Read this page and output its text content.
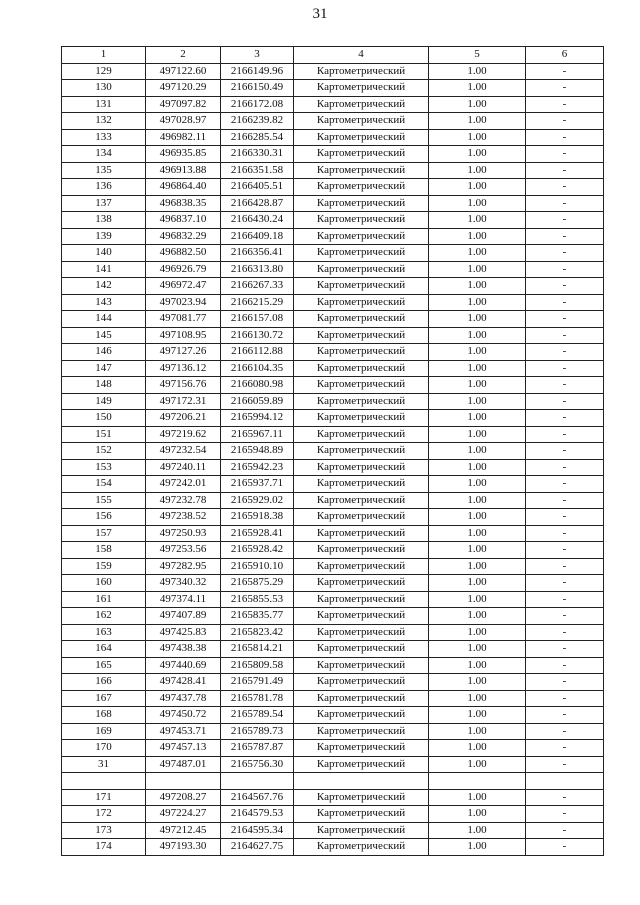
31
1	2	3	4	5	6
129	497122.60	2166149.96	Картометрический	1.00	-
130	497120.29	2166150.49	Картометрический	1.00	-
131	497097.82	2166172.08	Картометрический	1.00	-
132	497028.97	2166239.82	Картометрический	1.00	-
133	496982.11	2166285.54	Картометрический	1.00	-
134	496935.85	2166330.31	Картометрический	1.00	-
135	496913.88	2166351.58	Картометрический	1.00	-
136	496864.40	2166405.51	Картометрический	1.00	-
137	496838.35	2166428.87	Картометрический	1.00	-
138	496837.10	2166430.24	Картометрический	1.00	-
139	496832.29	2166409.18	Картометрический	1.00	-
140	496882.50	2166356.41	Картометрический	1.00	-
141	496926.79	2166313.80	Картометрический	1.00	-
142	496972.47	2166267.33	Картометрический	1.00	-
143	497023.94	2166215.29	Картометрический	1.00	-
144	497081.77	2166157.08	Картометрический	1.00	-
145	497108.95	2166130.72	Картометрический	1.00	-
146	497127.26	2166112.88	Картометрический	1.00	-
147	497136.12	2166104.35	Картометрический	1.00	-
148	497156.76	2166080.98	Картометрический	1.00	-
149	497172.31	2166059.89	Картометрический	1.00	-
150	497206.21	2165994.12	Картометрический	1.00	-
151	497219.62	2165967.11	Картометрический	1.00	-
152	497232.54	2165948.89	Картометрический	1.00	-
153	497240.11	2165942.23	Картометрический	1.00	-
154	497242.01	2165937.71	Картометрический	1.00	-
155	497232.78	2165929.02	Картометрический	1.00	-
156	497238.52	2165918.38	Картометрический	1.00	-
157	497250.93	2165928.41	Картометрический	1.00	-
158	497253.56	2165928.42	Картометрический	1.00	-
159	497282.95	2165910.10	Картометрический	1.00	-
160	497340.32	2165875.29	Картометрический	1.00	-
161	497374.11	2165855.53	Картометрический	1.00	-
162	497407.89	2165835.77	Картометрический	1.00	-
163	497425.83	2165823.42	Картометрический	1.00	-
164	497438.38	2165814.21	Картометрический	1.00	-
165	497440.69	2165809.58	Картометрический	1.00	-
166	497428.41	2165791.49	Картометрический	1.00	-
167	497437.78	2165781.78	Картометрический	1.00	-
168	497450.72	2165789.54	Картометрический	1.00	-
169	497453.71	2165789.73	Картометрический	1.00	-
170	497457.13	2165787.87	Картометрический	1.00	-
31	497487.01	2165756.30	Картометрический	1.00	-

171	497208.27	2164567.76	Картометрический	1.00	-
172	497224.27	2164579.53	Картометрический	1.00	-
173	497212.45	2164595.34	Картометрический	1.00	-
174	497193.30	2164627.75	Картометрический	1.00	-
